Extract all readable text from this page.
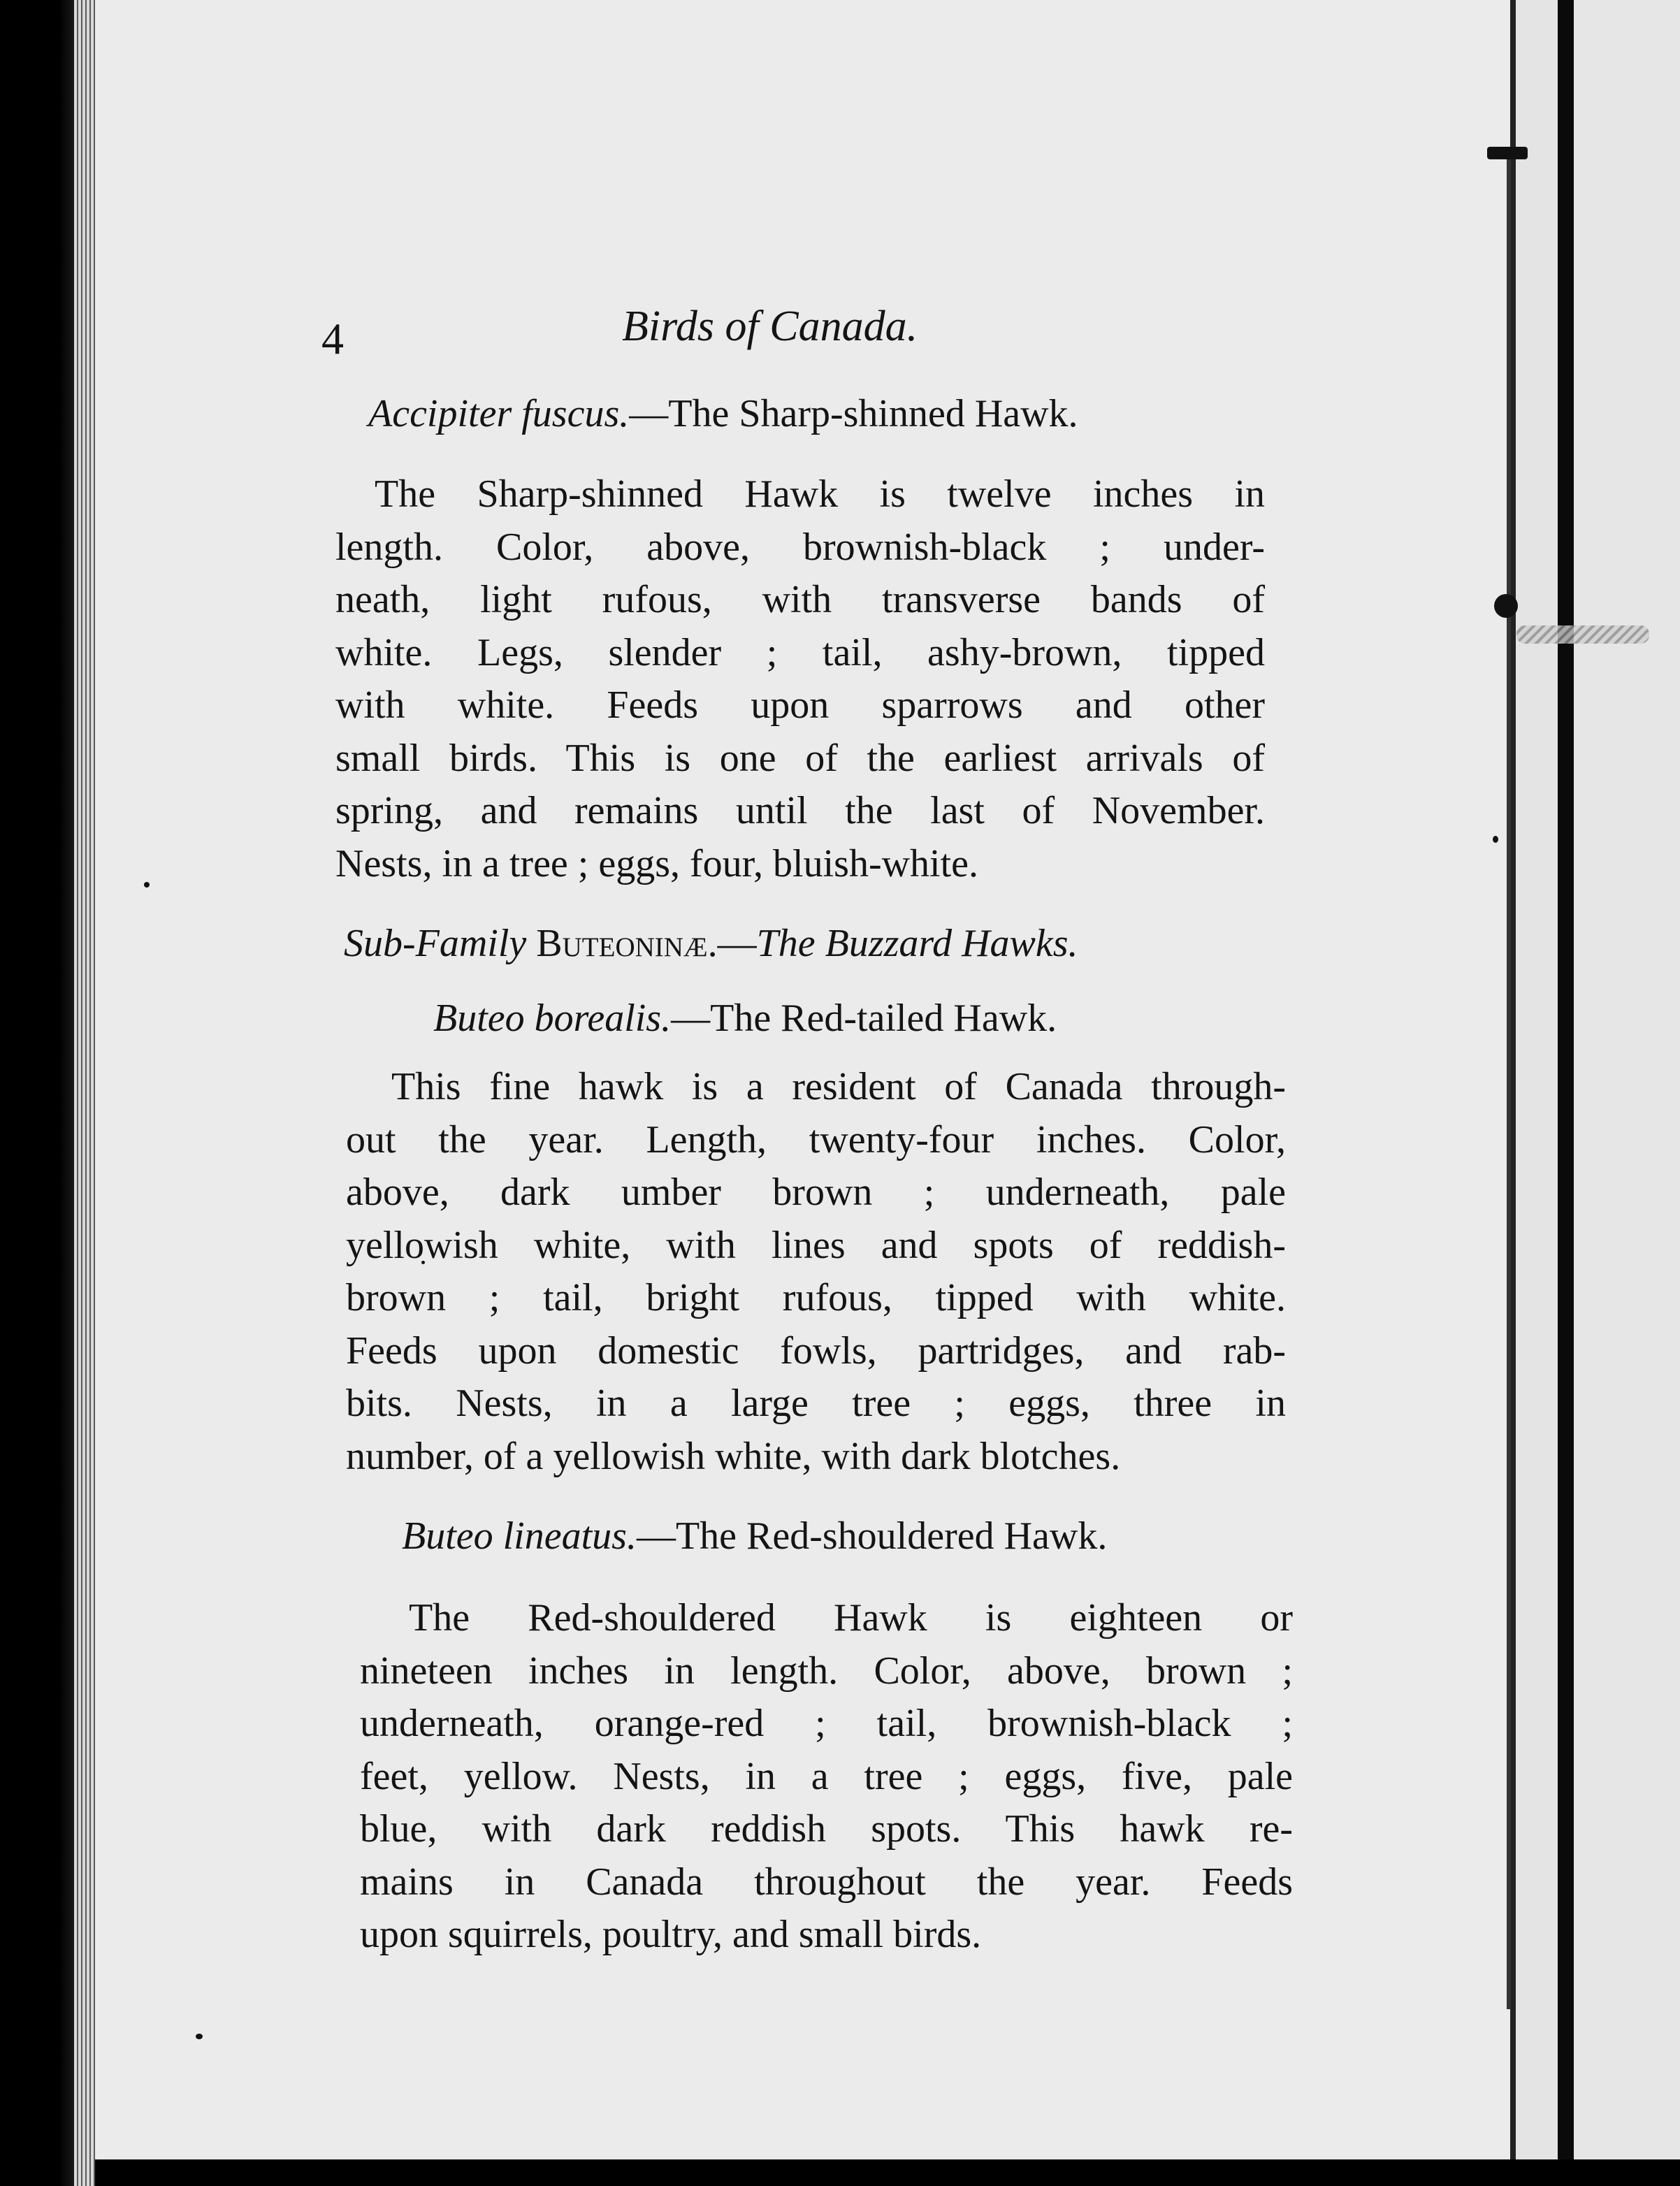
4	Birds of Canada.
Accipiter fuscus.—The Sharp-shinned Hawk.
The Sharp-shinned Hawk is twelve inches in
length. Color, above, brownish-black ; under-
neath, light rufous, with transverse bands of
white. Legs, slender ; tail, ashy-brown, tipped
with white. Feeds upon sparrows and other
small birds. This is one of the earliest arrivals of
spring, and remains until the last of November.
Nests, in a tree ; eggs, four, bluish-white.
Sub-Family Buteoninæ.—The Buzzard Hawks.
Buteo borealis.—The Red-tailed Hawk.
This fine hawk is a resident of Canada through-
out the year. Length, twenty-four inches. Color,
above, dark umber brown ; underneath, pale
yellowish white, with lines and spots of reddish-
brown ; tail, bright rufous, tipped with white.
Feeds upon domestic fowls, partridges, and rab-
bits. Nests, in a large tree ; eggs, three in
number, of a yellowish white, with dark blotches.
Buteo lineatus.—The Red-shouldered Hawk.
The Red-shouldered Hawk is eighteen or
nineteen inches in length. Color, above, brown ;
underneath, orange-red ; tail, brownish-black ;
feet, yellow. Nests, in a tree ; eggs, five, pale
blue, with dark reddish spots. This hawk re-
mains in Canada throughout the year. Feeds
upon squirrels, poultry, and small birds.
